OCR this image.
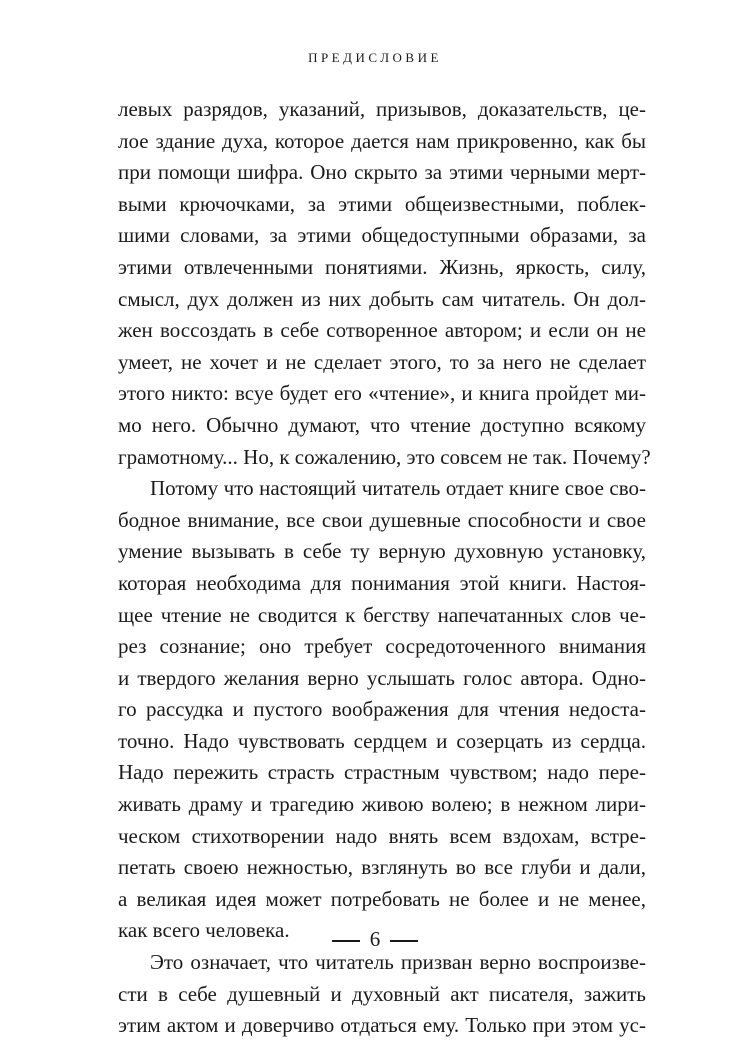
ПРЕДИСЛОВИЕ
левых разрядов, указаний, призывов, доказательств, це-
лое здание духа, которое дается нам прикровенно, как бы
при помощи шифра. Оно скрыто за этими черными мерт-
выми крючочками, за этими общеизвестными, поблек-
шими словами, за этими общедоступными образами, за
этими отвлеченными понятиями. Жизнь, яркость, силу,
смысл, дух должен из них добыть сам читатель. Он дол-
жен воссоздать в себе сотворенное автором; и если он не
умеет, не хочет и не сделает этого, то за него не сделает
этого никто: всуе будет его «чтение», и книга пройдет ми-
мо него. Обычно думают, что чтение доступно всякому
грамотному... Но, к сожалению, это совсем не так. Почему?
Потому что настоящий читатель отдает книге свое сво-
бодное внимание, все свои душевные способности и свое
умение вызывать в себе ту верную духовную установку,
которая необходима для понимания этой книги. Настоя-
щее чтение не сводится к бегству напечатанных слов че-
рез сознание; оно требует сосредоточенного внимания
и твердого желания верно услышать голос автора. Одно-
го рассудка и пустого воображения для чтения недоста-
точно. Надо чувствовать сердцем и созерцать из сердца.
Надо пережить страсть страстным чувством; надо пере-
живать драму и трагедию живою волею; в нежном лири-
ческом стихотворении надо внять всем вздохам, встре-
петать своею нежностью, взглянуть во все глуби и дали,
а великая идея может потребовать не более и не менее,
как всего человека.
Это означает, что читатель призван верно воспроизве-
сти в себе душевный и духовный акт писателя, зажить
этим актом и доверчиво отдаться ему. Только при этом ус-
6
